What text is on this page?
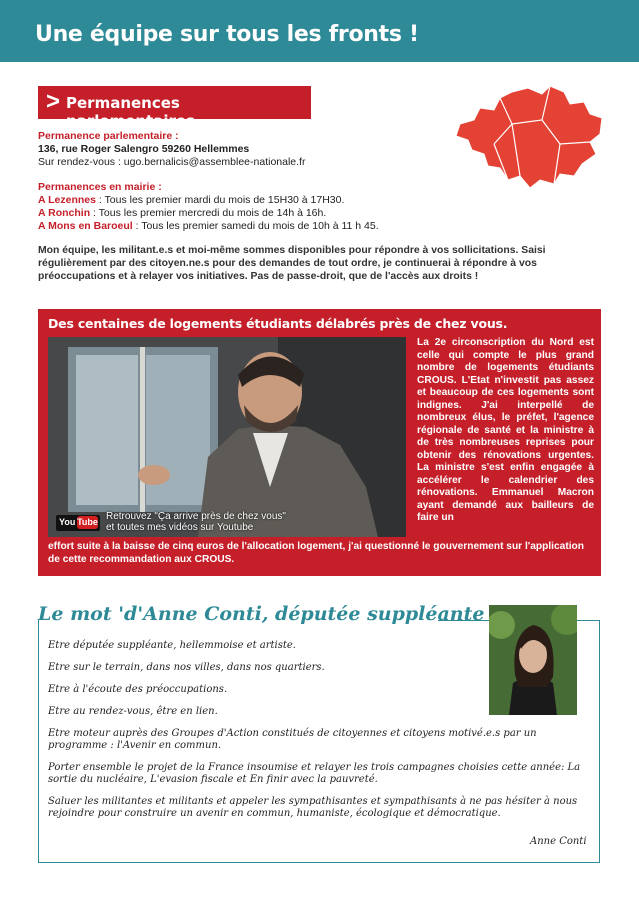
Une équipe sur tous les fronts !
> Permanences parlementaires
Permanence parlementaire :
136, rue Roger Salengro 59260 Hellemmes
Sur rendez-vous : ugo.bernalicis@assemblee-nationale.fr
Permanences en mairie :
A Lezennes : Tous les premier mardi du mois de 15H30 à 17H30.
A Ronchin : Tous les premier mercredi du mois de 14h à 16h.
A Mons en Baroeul : Tous les premier samedi du mois de 10h à 11 h 45.
Mon équipe, les militant.e.s et moi-même sommes disponibles pour répondre à vos sollicitations. Saisi régulièrement par des citoyen.ne.s pour des demandes de tout ordre, je continuerai à répondre à vos préoccupations et à relayer vos initiatives. Pas de passe-droit, que de l'accès aux droits !
Des centaines de logements étudiants délabrés près de chez vous.
You Tube Retrouvez "Ça arrive près de chez vous"
et toutes mes vidéos sur Youtube
La 2e circonscription du Nord est celle qui compte le plus grand nombre de logements étudiants CROUS. L'Etat n'investit pas assez et beaucoup de ces logements sont indignes. J'ai interpellé de nombreux élus, le préfet, l'agence régionale de santé et la ministre à de très nombreuses reprises pour obtenir des rénovations urgentes. La ministre s'est enfin engagée à accélérer le calendrier des rénovations. Emmanuel Macron ayant demandé aux bailleurs de faire un
effort suite à la baisse de cinq euros de l'allocation logement, j'ai questionné le gouvernement sur l'application de cette recommandation aux CROUS.
Le mot 'd'Anne Conti, députée suppléante

Etre députée suppléante, hellemmoise et artiste.

Etre sur le terrain, dans nos villes, dans nos quartiers.

Etre à l'écoute des préoccupations.

Etre au rendez-vous, être en lien.

Etre moteur auprès des Groupes d'Action constitués de citoyennes et citoyens motivé.e.s par un programme : l'Avenir en commun.

Porter ensemble le projet de la France insoumise et relayer les trois campagnes choisies cette année: La sortie du nucléaire, L'evasion fiscale et En finir avec la pauvreté.

Saluer les militantes et militants et appeler les sympathisantes et sympathisants à ne pas hésiter à nous rejoindre pour construire un avenir en commun, humaniste, écologique et démocratique.

Anne Conti
